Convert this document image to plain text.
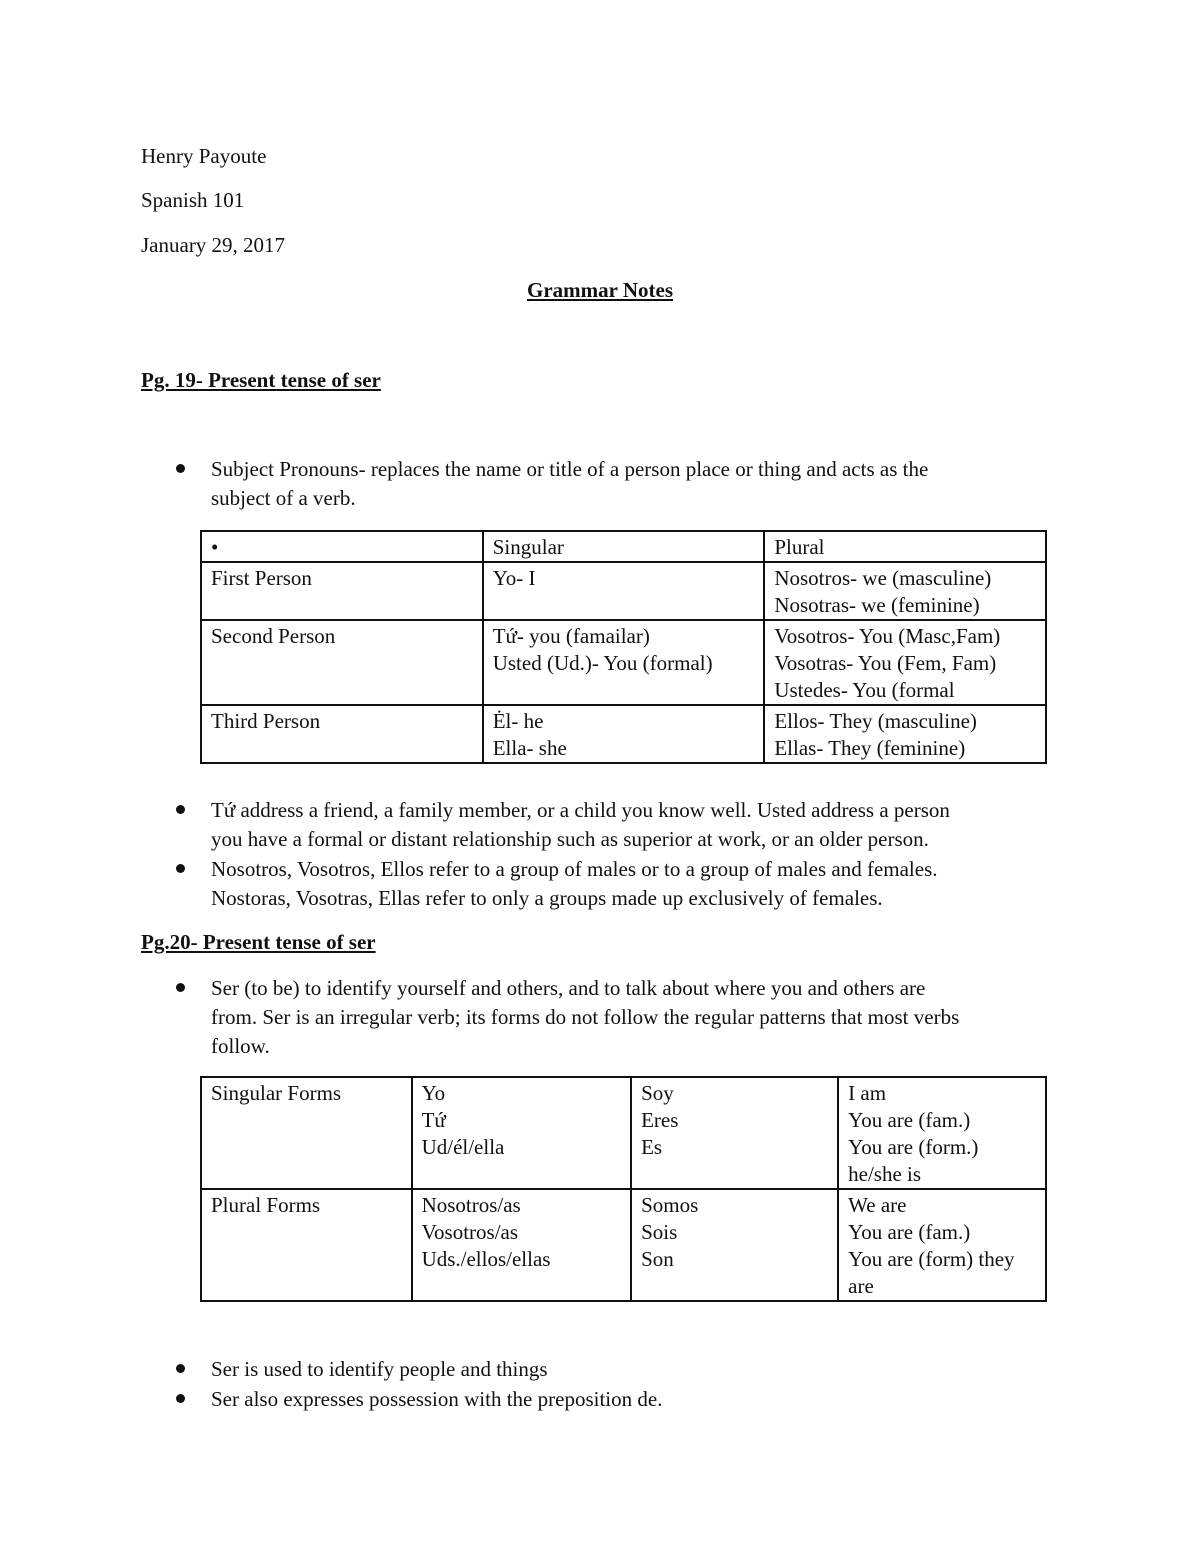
Henry Payoute
Spanish 101
January 29, 2017
Grammar Notes
Pg. 19- Present tense of ser
Subject Pronouns- replaces the name or title of a person place or thing and acts as the
subject of a verb.
•	Singular	Plural
First Person	Yo- I	Nosotros- we (masculine)
Nosotras- we (feminine)

Second Person	Tứ- you (famailar)
Usted (Ud.)- You (formal)	Vosotros- You (Masc,Fam)
Vosotras- You (Fem, Fam)
Ustedes- You (formal

Third Person	Ėl- he
Ella- she	Ellos- They (masculine)
Ellas- They (feminine)
Tứ address a friend, a family member, or a child you know well. Usted address a person
you have a formal or distant relationship such as superior at work, or an older person.
Nosotros, Vosotros, Ellos refer to a group of males or to a group of males and females.
Nostoras, Vosotras, Ellas refer to only a groups made up exclusively of females.
Pg.20- Present tense of ser
Ser (to be) to identify yourself and others, and to talk about where you and others are
from. Ser is an irregular verb; its forms do not follow the regular patterns that most verbs
follow.
Singular Forms	Yo
Tứ
Ud/él/ella	Soy
Eres
Es	I am
You are (fam.)
You are (form.)
he/she is

Plural Forms	Nosotros/as
Vosotros/as
Uds./ellos/ellas	Somos
Sois
Son	We are
You are (fam.)
You are (form) they
are
Ser is used to identify people and things
Ser also expresses possession with the preposition de.
